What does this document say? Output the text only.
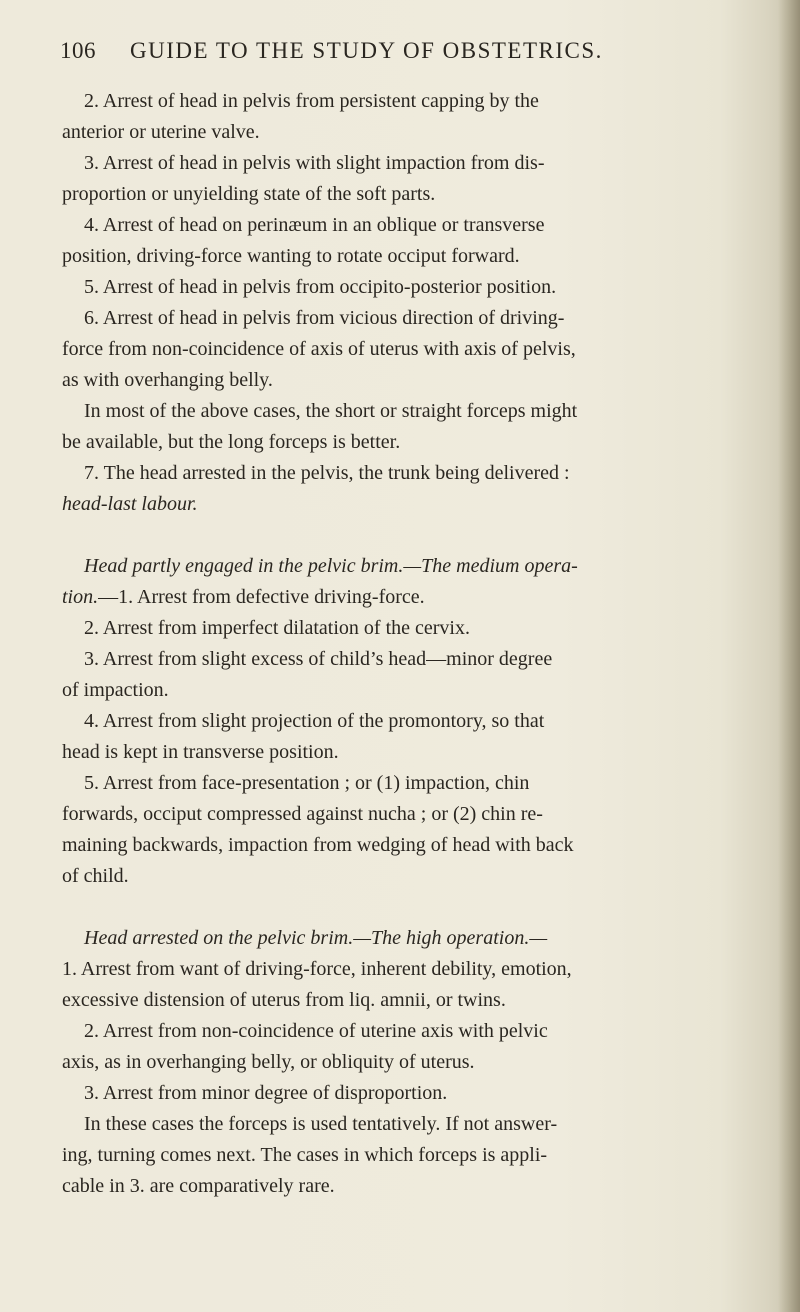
106 GUIDE TO THE STUDY OF OBSTETRICS.
2. Arrest of head in pelvis from persistent capping by the
anterior or uterine valve.
3. Arrest of head in pelvis with slight impaction from dis-
proportion or unyielding state of the soft parts.
4. Arrest of head on perinæum in an oblique or transverse
position, driving-force wanting to rotate occiput forward.
5. Arrest of head in pelvis from occipito-posterior position.
6. Arrest of head in pelvis from vicious direction of driving-
force from non-coincidence of axis of uterus with axis of pelvis,
as with overhanging belly.
In most of the above cases, the short or straight forceps might
be available, but the long forceps is better.
7. The head arrested in the pelvis, the trunk being delivered :
head-last labour.
Head partly engaged in the pelvic brim.—The medium opera-
tion.—1. Arrest from defective driving-force.
2. Arrest from imperfect dilatation of the cervix.
3. Arrest from slight excess of child’s head—minor degree
of impaction.
4. Arrest from slight projection of the promontory, so that
head is kept in transverse position.
5. Arrest from face-presentation ; or (1) impaction, chin
forwards, occiput compressed against nucha ; or (2) chin re-
maining backwards, impaction from wedging of head with back
of child.
Head arrested on the pelvic brim.—The high operation.—
1. Arrest from want of driving-force, inherent debility, emotion,
excessive distension of uterus from liq. amnii, or twins.
2. Arrest from non-coincidence of uterine axis with pelvic
axis, as in overhanging belly, or obliquity of uterus.
3. Arrest from minor degree of disproportion.
In these cases the forceps is used tentatively. If not answer-
ing, turning comes next. The cases in which forceps is appli-
cable in 3. are comparatively rare.
